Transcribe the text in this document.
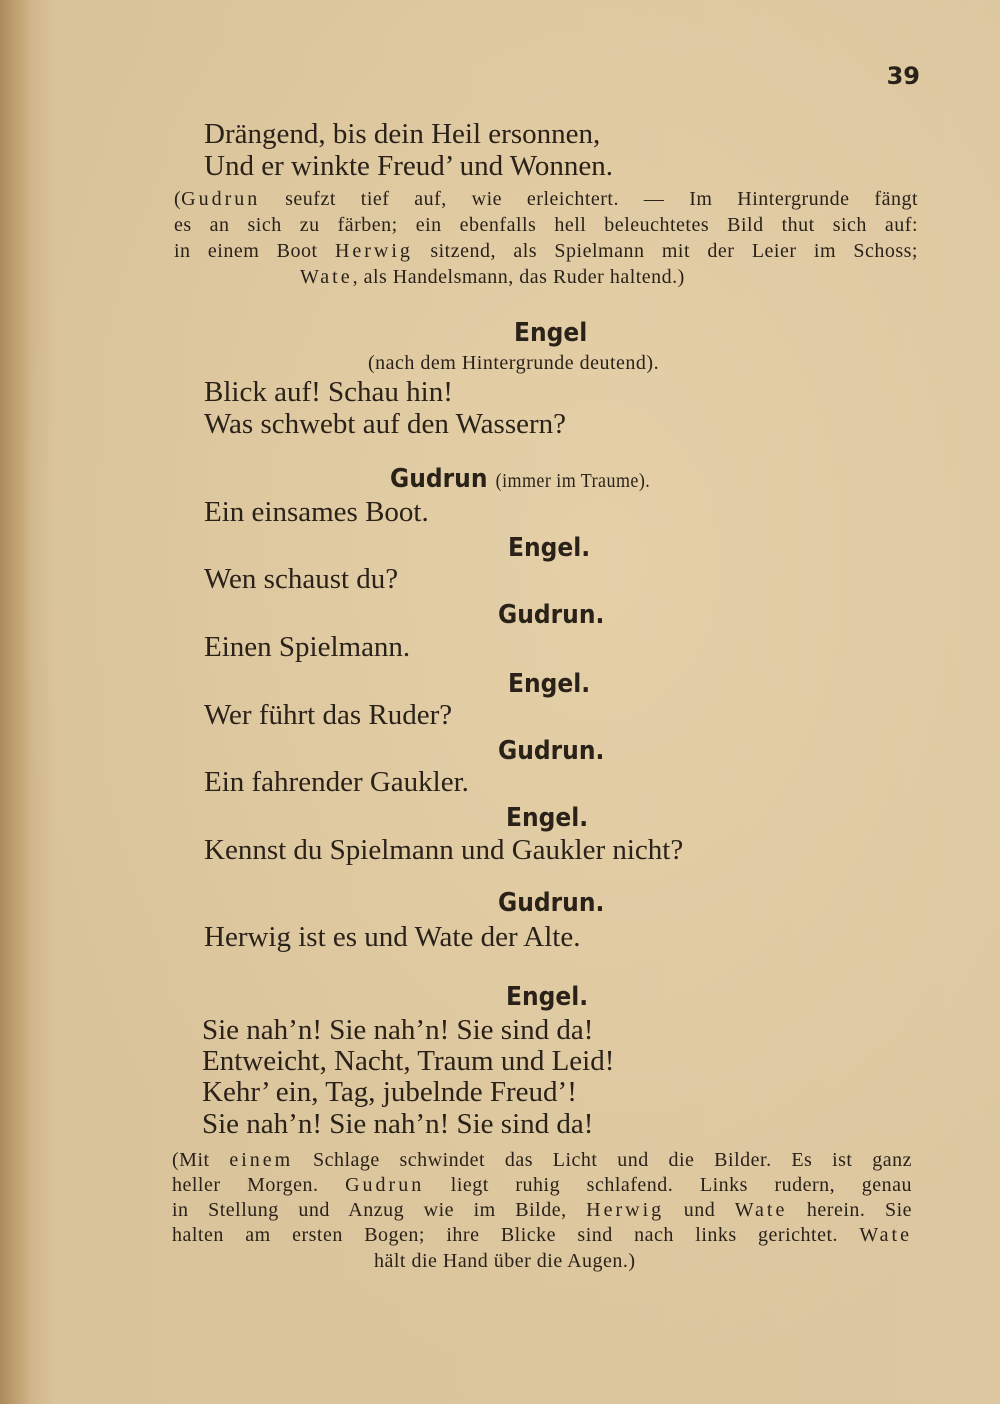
39
Drängend, bis dein Heil ersonnen,
Und er winkte Freud’ und Wonnen.
(Gudrun seufzt tief auf, wie erleichtert. — Im Hintergrunde fängt
es an sich zu färben; ein ebenfalls hell beleuchtetes Bild thut sich auf:
in einem Boot Herwig sitzend, als Spielmann mit der Leier im Schoss;
Wate, als Handelsmann, das Ruder haltend.)
Engel
(nach dem Hintergrunde deutend).
Blick auf! Schau hin!
Was schwebt auf den Wassern?
Gudrun (immer im Traume).
Ein einsames Boot.
Engel.
Wen schaust du?
Gudrun.
Einen Spielmann.
Engel.
Wer führt das Ruder?
Gudrun.
Ein fahrender Gaukler.
Engel.
Kennst du Spielmann und Gaukler nicht?
Gudrun.
Herwig ist es und Wate der Alte.
Engel.
Sie nah’n! Sie nah’n! Sie sind da!
Entweicht, Nacht, Traum und Leid!
Kehr’ ein, Tag, jubelnde Freud’!
Sie nah’n! Sie nah’n! Sie sind da!
(Mit einem Schlage schwindet das Licht und die Bilder. Es ist ganz
heller Morgen. Gudrun liegt ruhig schlafend. Links rudern, genau
in Stellung und Anzug wie im Bilde, Herwig und Wate herein. Sie
halten am ersten Bogen; ihre Blicke sind nach links gerichtet. Wate
hält die Hand über die Augen.)
